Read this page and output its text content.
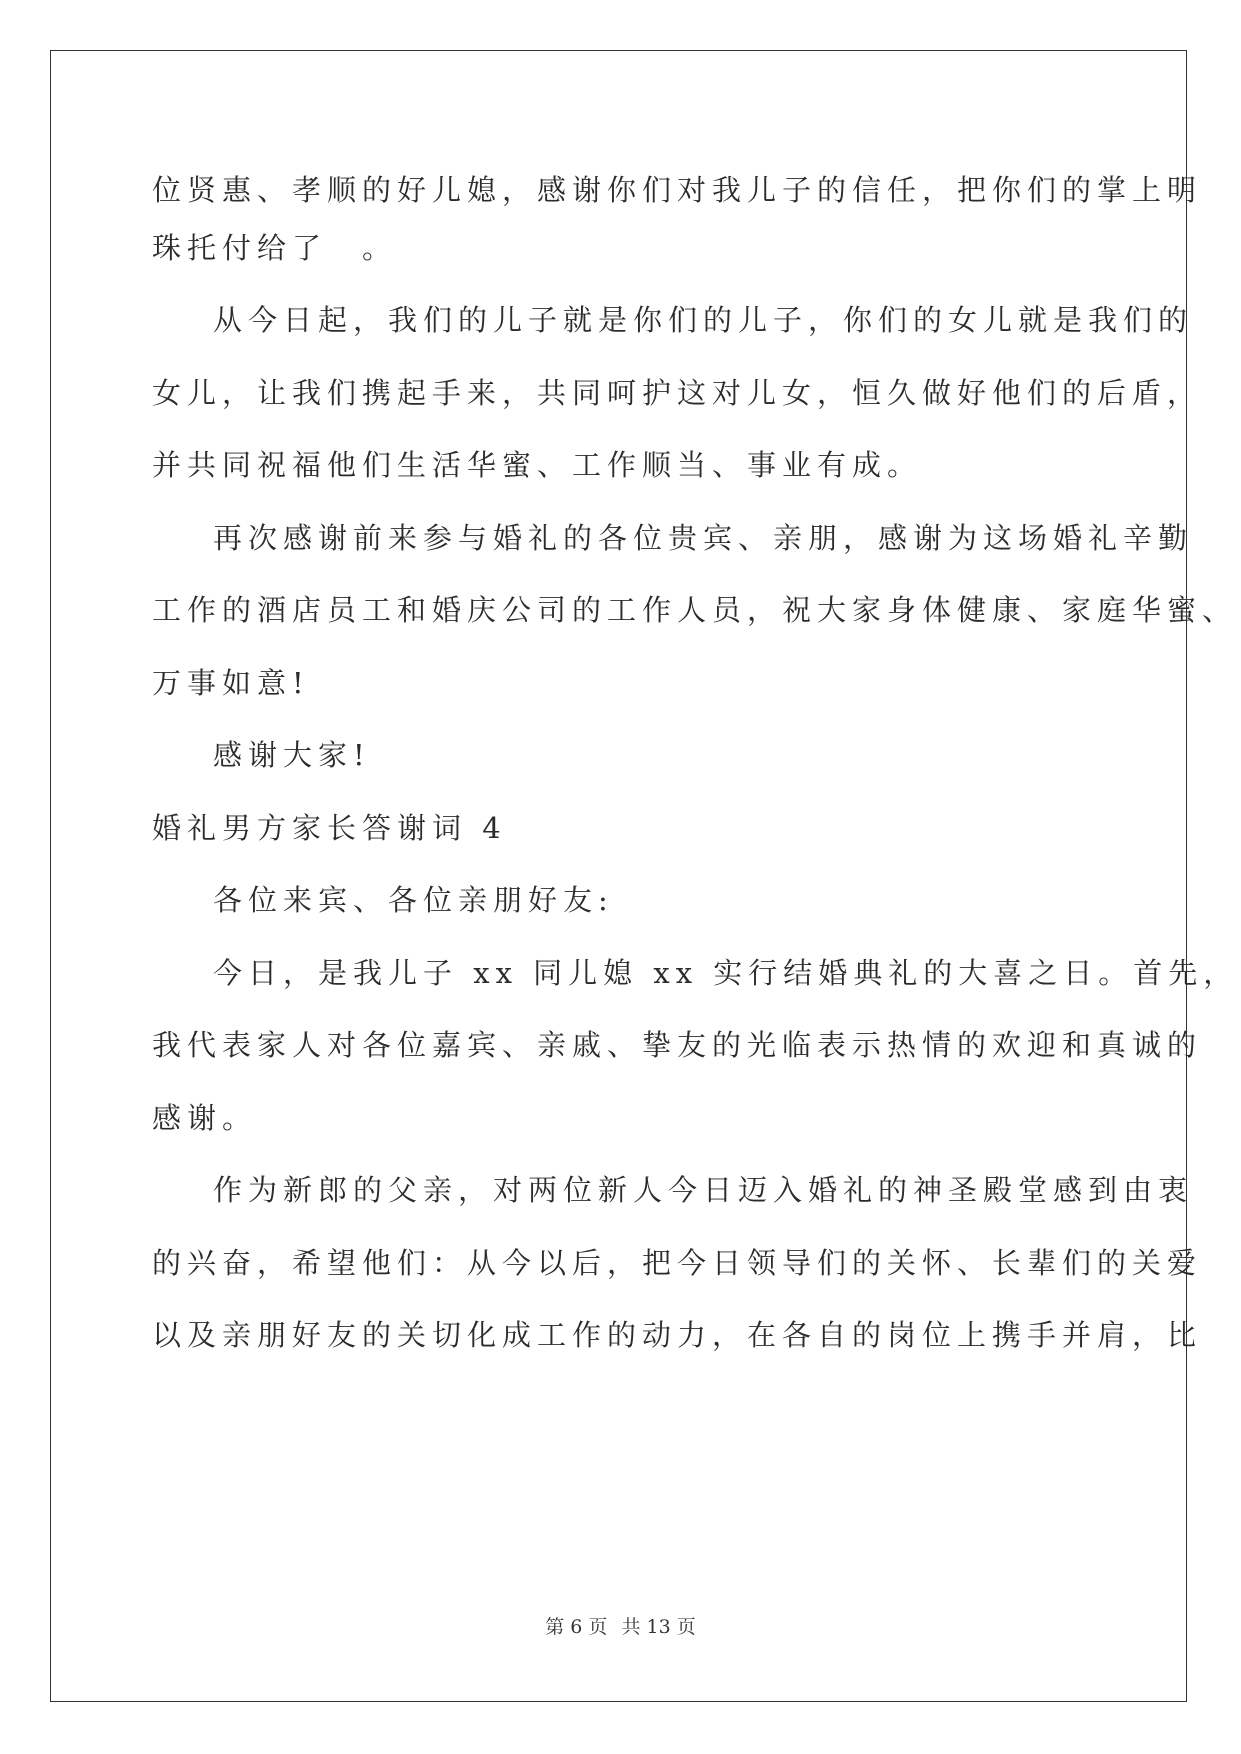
位贤惠、孝顺的好儿媳，感谢你们对我儿子的信任，把你们的掌上明
珠托付给了　。
从今日起，我们的儿子就是你们的儿子，你们的女儿就是我们的
女儿，让我们携起手来，共同呵护这对儿女，恒久做好他们的后盾，
并共同祝福他们生活华蜜、工作顺当、事业有成。
再次感谢前来参与婚礼的各位贵宾、亲朋，感谢为这场婚礼辛勤
工作的酒店员工和婚庆公司的工作人员，祝大家身体健康、家庭华蜜、
万事如意!
感谢大家!
婚礼男方家长答谢词 4
各位来宾、各位亲朋好友:
今日，是我儿子 xx 同儿媳 xx 实行结婚典礼的大喜之日。首先，
我代表家人对各位嘉宾、亲戚、挚友的光临表示热情的欢迎和真诚的
感谢。
作为新郎的父亲，对两位新人今日迈入婚礼的神圣殿堂感到由衷
的兴奋，希望他们：从今以后，把今日领导们的关怀、长辈们的关爱
以及亲朋好友的关切化成工作的动力，在各自的岗位上携手并肩，比
第 6 页 共 13 页
